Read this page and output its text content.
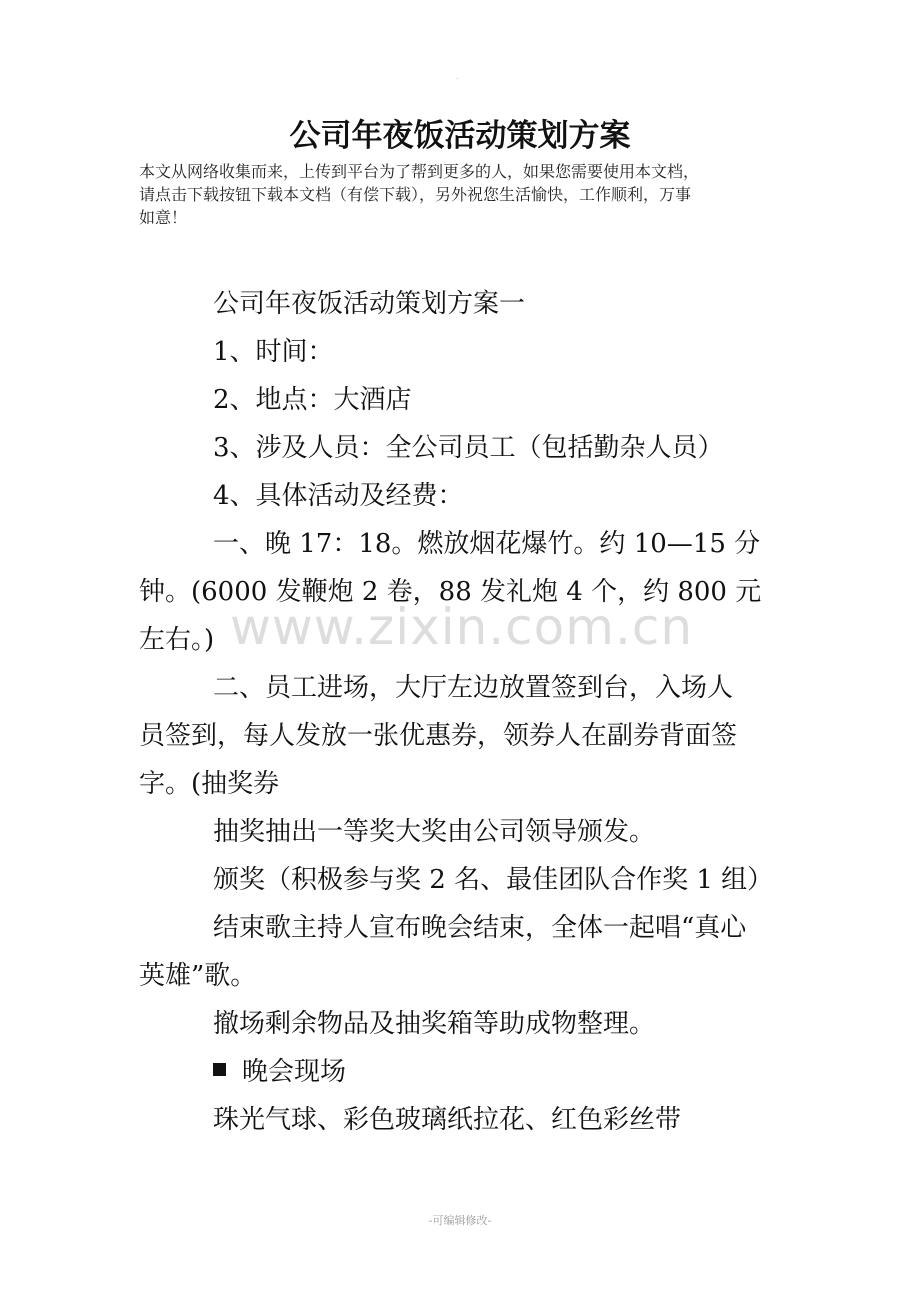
.
公司年夜饭活动策划方案
本文从网络收集而来，上传到平台为了帮到更多的人，如果您需要使用本文档，
请点击下载按钮下载本文档（有偿下载），另外祝您生活愉快，工作顺利，万事
如意！

公司年夜饭活动策划方案一

1、时间：

2、地点：大酒店

3、涉及人员：全公司员工（包括勤杂人员）

4、具体活动及经费：

一、晚 17：18。燃放烟花爆竹。约 10—15 分
钟。(6000 发鞭炮 2 卷，88 发礼炮 4 个，约 800 元
左右。)

二、员工进场，大厅左边放置签到台，入场人
员签到，每人发放一张优惠券，领券人在副券背面签
字。(抽奖券

抽奖抽出一等奖大奖由公司领导颁发。

颁奖（积极参与奖 2 名、最佳团队合作奖 1 组）

结束歌主持人宣布晚会结束，全体一起唱“真心
英雄”歌。

撤场剩余物品及抽奖箱等助成物整理。

晚会现场

珠光气球、彩色玻璃纸拉花、红色彩丝带

www.zixin.com.cn
-可编辑修改-
